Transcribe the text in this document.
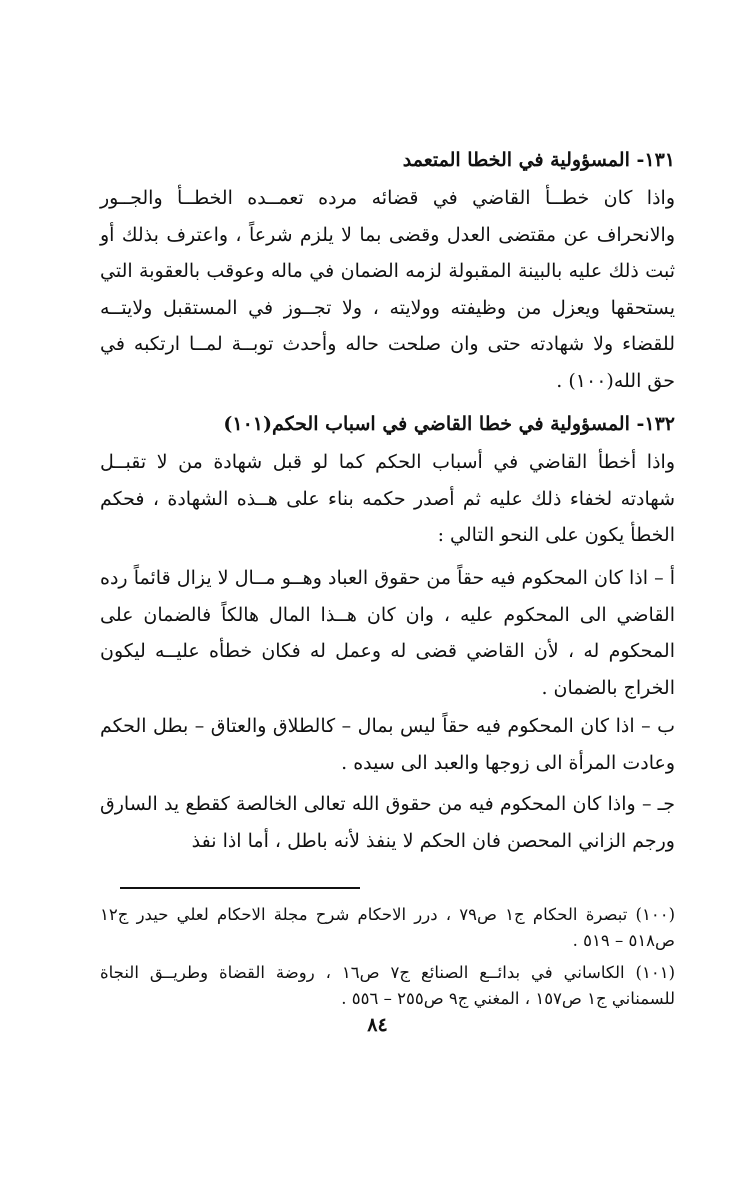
١٣١- المسؤولية في الخطا المتعمد

واذا كان خطــأ القاضي في قضائه مرده تعمــده الخطــأ والجــور والانحراف عن مقتضى العدل وقضى بما لا يلزم شرعاً ، واعترف بذلك أو ثبت ذلك عليه بالبينة المقبولة لزمه الضمان في ماله وعوقب بالعقوبة التي يستحقها ويعزل من وظيفته وولايته ، ولا تجــوز في المستقبل ولايتــه للقضاء ولا شهادته حتى وان صلحت حاله وأحدث توبــة لمــا ارتكبه في حق الله(١٠٠) .

١٣٢- المسؤولية في خطا القاضي في اسباب الحكم(١٠١)

واذا أخطأ القاضي في أسباب الحكم كما لو قبل شهادة من لا تقبــل شهادته لخفاء ذلك عليه ثم أصدر حكمه بناء على هــذه الشهادة ، فحكم الخطأ يكون على النحو التالي :

أ – اذا كان المحكوم فيه حقاً من حقوق العباد وهــو مــال لا يزال قائماً رده القاضي الى المحكوم عليه ، وان كان هــذا المال هالكاً فالضمان على المحكوم له ، لأن القاضي قضى له وعمل له فكان خطأه عليــه ليكون الخراج بالضمان .

ب – اذا كان المحكوم فيه حقاً ليس بمال – كالطلاق والعتاق – بطل الحكم وعادت المرأة الى زوجها والعبد الى سيده .

جـ – واذا كان المحكوم فيه من حقوق الله تعالى الخالصة كقطع يد السارق ورجم الزاني المحصن فان الحكم لا ينفذ لأنه باطل ، أما اذا نفذ

(١٠٠) تبصرة الحكام ج١ ص٧٩ ، درر الاحكام شرح مجلة الاحكام لعلي حيدر ج١٢ ص٥١٨ – ٥١٩ .

(١٠١) الكاساني في بدائــع الصنائع ج٧ ص١٦ ، روضة القضاة وطريــق النجاة للسمناني ج١ ص١٥٧ ، المغني ج٩ ص٢٥٥ – ٥٥٦ .

٨٤
